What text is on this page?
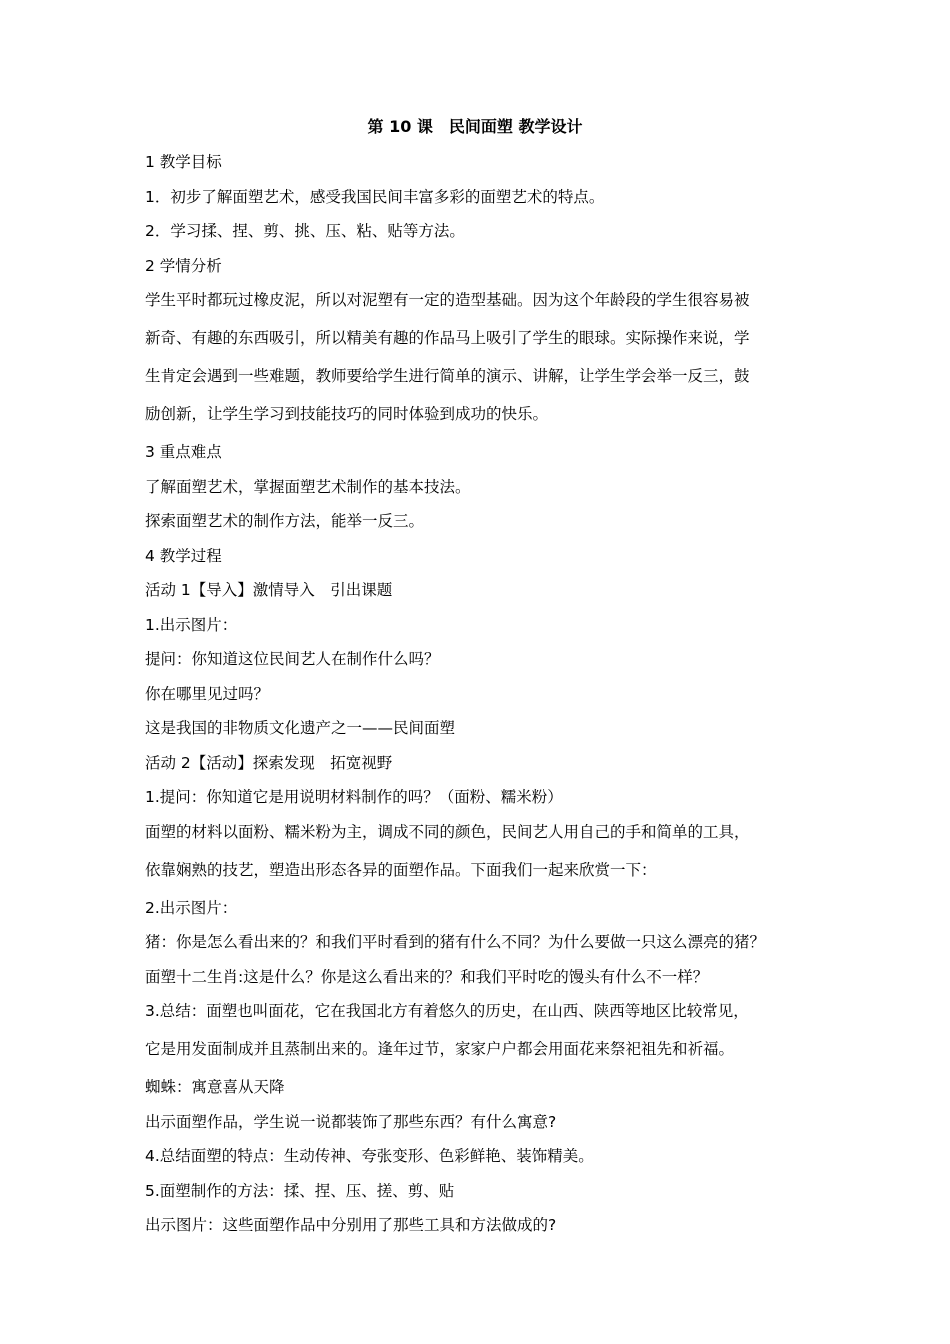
第 10 课　民间面塑 教学设计
1 教学目标
1．初步了解面塑艺术，感受我国民间丰富多彩的面塑艺术的特点。
2．学习揉、捏、剪、挑、压、粘、贴等方法。
2 学情分析
学生平时都玩过橡皮泥，所以对泥塑有一定的造型基础。因为这个年龄段的学生很容易被
新奇、有趣的东西吸引，所以精美有趣的作品马上吸引了学生的眼球。实际操作来说，学
生肯定会遇到一些难题，教师要给学生进行简单的演示、讲解，让学生学会举一反三，鼓
励创新，让学生学习到技能技巧的同时体验到成功的快乐。
3 重点难点
了解面塑艺术，掌握面塑艺术制作的基本技法。
探索面塑艺术的制作方法，能举一反三。
4 教学过程
活动 1【导入】激情导入　引出课题
1.出示图片：
提问：你知道这位民间艺人在制作什么吗？
你在哪里见过吗？
这是我国的非物质文化遗产之一——民间面塑
活动 2【活动】探索发现　拓宽视野
1.提问：你知道它是用说明材料制作的吗？（面粉、糯米粉）
面塑的材料以面粉、糯米粉为主，调成不同的颜色，民间艺人用自己的手和简单的工具，
依靠娴熟的技艺，塑造出形态各异的面塑作品。下面我们一起来欣赏一下：
2.出示图片：
猪：你是怎么看出来的？和我们平时看到的猪有什么不同？为什么要做一只这么漂亮的猪？
面塑十二生肖:这是什么？你是这么看出来的？和我们平时吃的馒头有什么不一样？
3.总结：面塑也叫面花，它在我国北方有着悠久的历史，在山西、陕西等地区比较常见，
它是用发面制成并且蒸制出来的。逢年过节，家家户户都会用面花来祭祀祖先和祈福。
蜘蛛：寓意喜从天降
出示面塑作品，学生说一说都装饰了那些东西？有什么寓意?
4.总结面塑的特点：生动传神、夸张变形、色彩鲜艳、装饰精美。
5.面塑制作的方法：揉、捏、压、搓、剪、贴
出示图片：这些面塑作品中分别用了那些工具和方法做成的?
